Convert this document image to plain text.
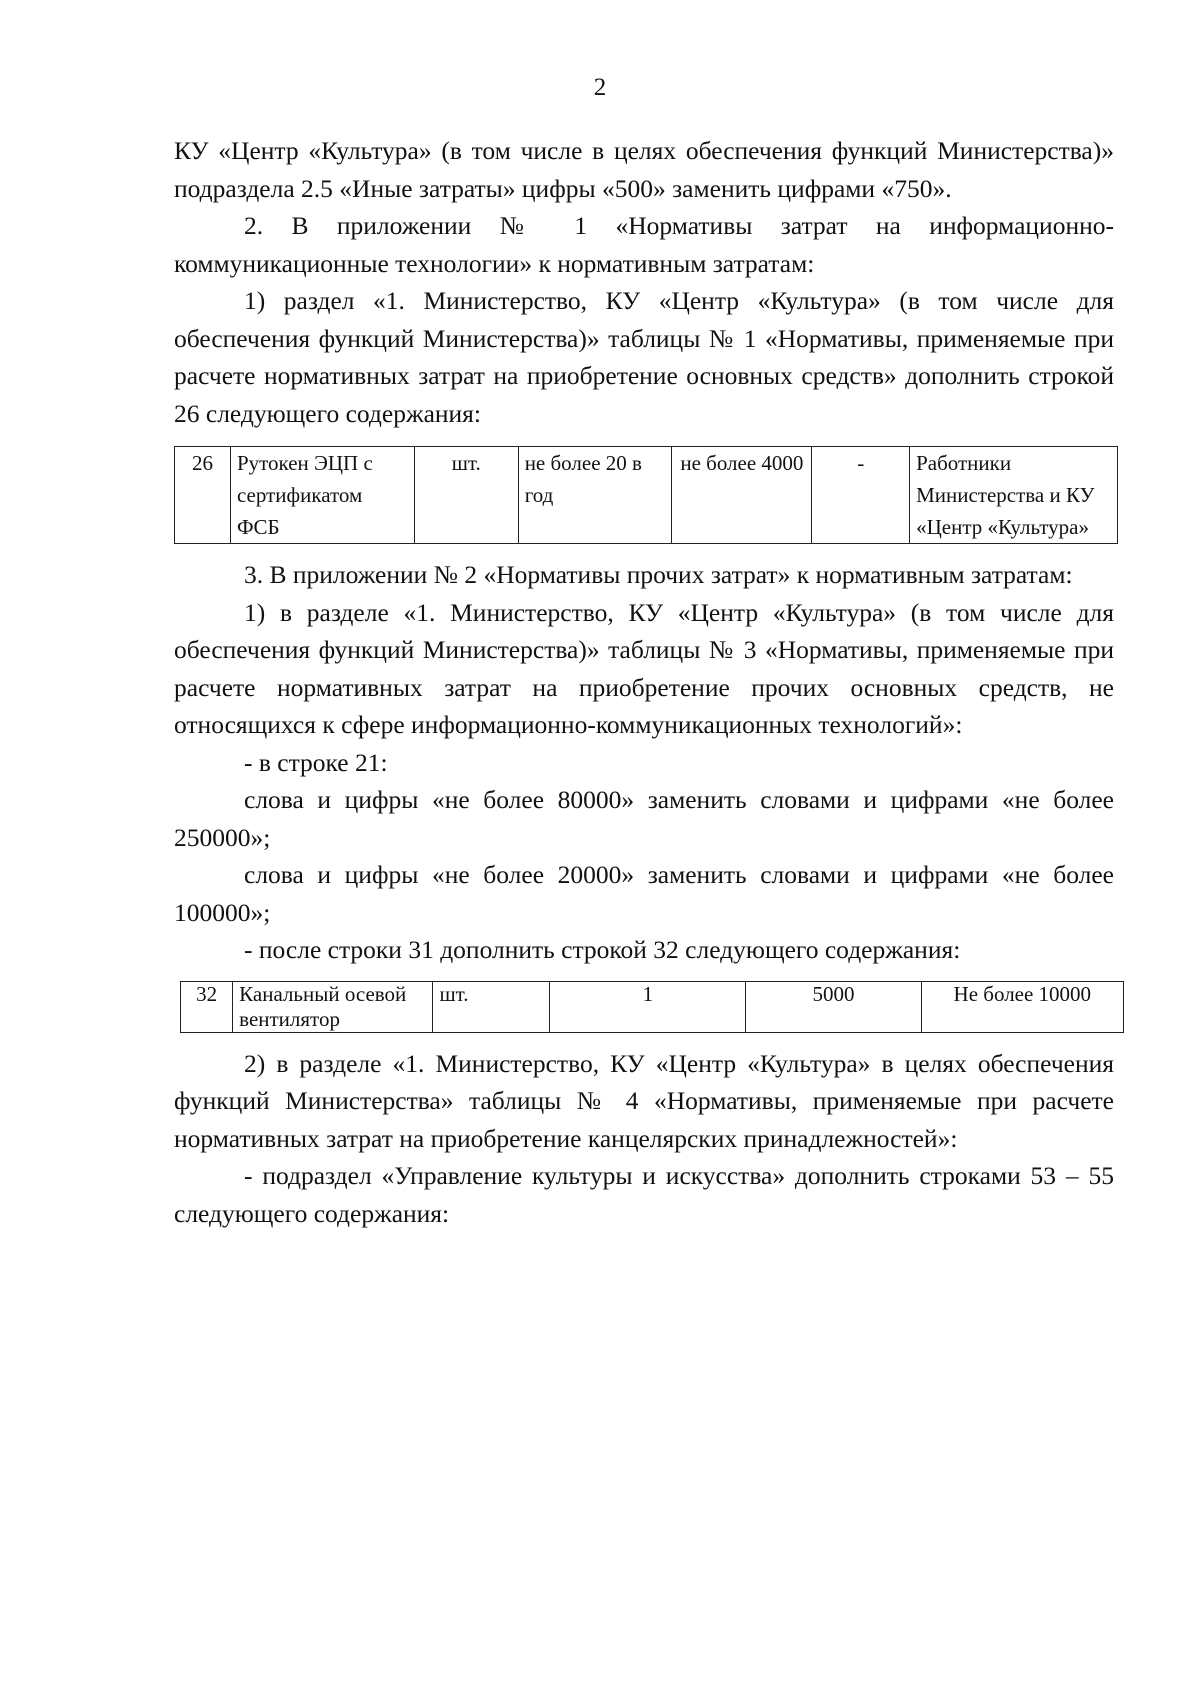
2

КУ «Центр «Культура» (в том числе в целях обеспечения функций Министерства)» подраздела 2.5 «Иные затраты» цифры «500» заменить цифрами «750».

2. В приложении № 1 «Нормативы затрат на информационно-коммуникационные технологии» к нормативным затратам:

1) раздел «1. Министерство, КУ «Центр «Культура» (в том числе для обеспечения функций Министерства)» таблицы № 1 «Нормативы, применяемые при расчете нормативных затрат на приобретение основных средств» дополнить строкой 26 следующего содержания:

26	Рутокен ЭЦП с сертификатом ФСБ	шт.	не более 20 в год	не более 4000	-	Работники Министерства и КУ «Центр «Культура»

3. В приложении № 2 «Нормативы прочих затрат» к нормативным затратам:

1) в разделе «1. Министерство, КУ «Центр «Культура» (в том числе для обеспечения функций Министерства)» таблицы № 3 «Нормативы, применяемые при расчете нормативных затрат на приобретение прочих основных средств, не относящихся к сфере информационно-коммуникационных технологий»:

- в строке 21:

слова и цифры «не более 80000» заменить словами и цифрами «не более 250000»;

слова и цифры «не более 20000» заменить словами и цифрами «не более 100000»;

- после строки 31 дополнить строкой 32 следующего содержания:

32	Канальный осевой вентилятор	шт.	1	5000	Не более 10000

2) в разделе «1. Министерство, КУ «Центр «Культура» в целях обеспечения функций Министерства» таблицы № 4 «Нормативы, применяемые при расчете нормативных затрат на приобретение канцелярских принадлежностей»:

- подраздел «Управление культуры и искусства» дополнить строками 53 – 55 следующего содержания:
